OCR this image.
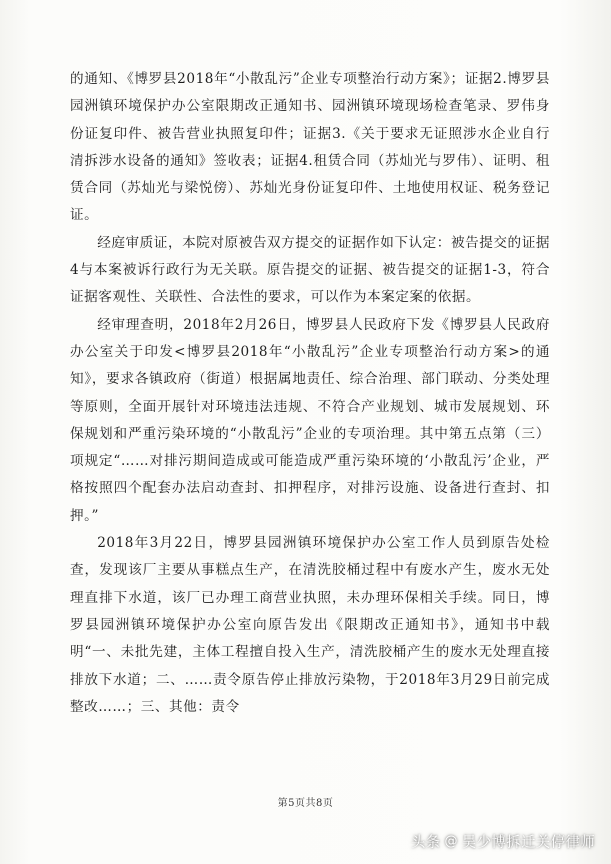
的通知、《博罗县2018年“小散乱污”企业专项整治行动方案》；证据2.博罗县园洲镇环境保护办公室限期改正通知书、园洲镇环境现场检查笔录、罗伟身份证复印件、被告营业执照复印件；证据3.《关于要求无证照涉水企业自行清拆涉水设备的通知》签收表；证据4.租赁合同（苏灿光与罗伟）、证明、租赁合同（苏灿光与梁悦傍）、苏灿光身份证复印件、土地使用权证、税务登记证。

经庭审质证，本院对原被告双方提交的证据作如下认定：被告提交的证据4与本案被诉行政行为无关联。原告提交的证据、被告提交的证据1-3，符合证据客观性、关联性、合法性的要求，可以作为本案定案的依据。

经审理查明，2018年2月26日，博罗县人民政府下发《博罗县人民政府办公室关于印发<博罗县2018年“小散乱污”企业专项整治行动方案>的通知》，要求各镇政府（街道）根据属地责任、综合治理、部门联动、分类处理等原则，全面开展针对环境违法违规、不符合产业规划、城市发展规划、环保规划和严重污染环境的“小散乱污”企业的专项治理。其中第五点第（三）项规定“……对排污期间造成或可能造成严重污染环境的‘小散乱污’企业，严格按照四个配套办法启动查封、扣押程序，对排污设施、设备进行查封、扣押。”

2018年3月22日，博罗县园洲镇环境保护办公室工作人员到原告处检查，发现该厂主要从事糕点生产，在清洗胶桶过程中有废水产生，废水无处理直排下水道，该厂已办理工商营业执照，未办理环保相关手续。同日，博罗县园洲镇环境保护办公室向原告发出《限期改正通知书》，通知书中载明“一、未批先建，主体工程擅自投入生产，清洗胶桶产生的废水无处理直接排放下水道；二、……责令原告停止排放污染物，于2018年3月29日前完成整改……；三、其他：责令

第5页共8页
头条 @ 吴少博拆迁关停律师
